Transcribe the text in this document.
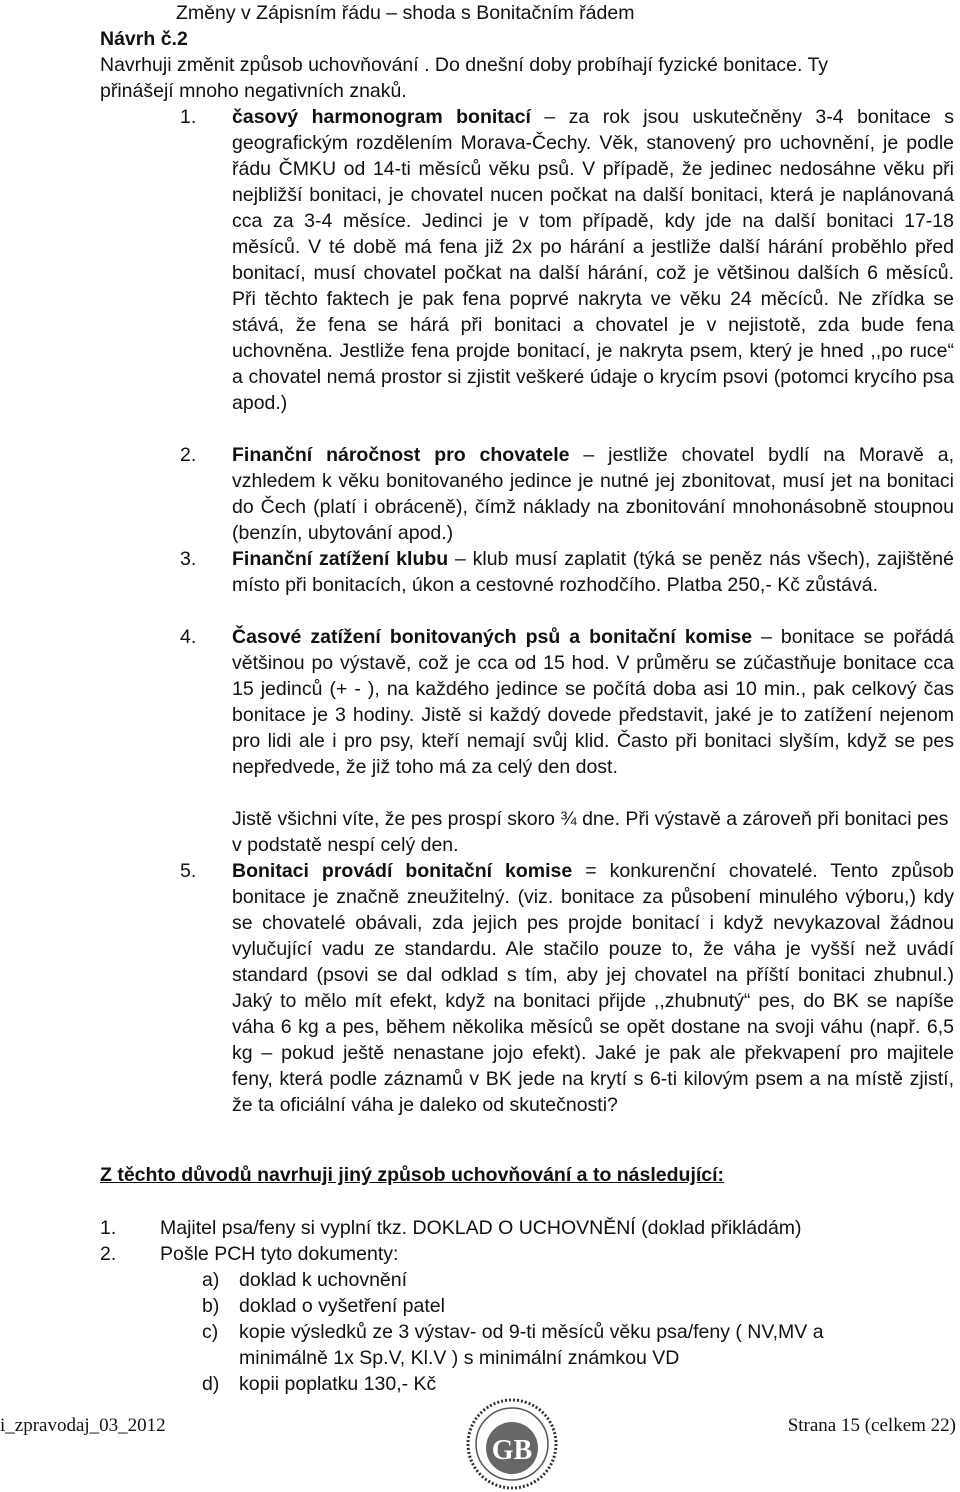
Změny v Zápisním řádu – shoda s Bonitačním řádem
Návrh č.2
Navrhuji změnit způsob uchovňování . Do dnešní doby probíhají fyzické bonitace. Ty
přinášejí mnoho negativních znaků.
1. časový harmonogram bonitací – za rok jsou uskutečněny 3-4 bonitace s geografickým rozdělením Morava-Čechy. Věk, stanovený pro uchovnění, je podle řádu ČMKU od 14-ti měsíců věku psů. V případě, že jedinec nedosáhne věku při nejbližší bonitaci, je chovatel nucen počkat na další bonitaci, která je naplánovaná cca za 3-4 měsíce. Jedinci je v tom případě, kdy jde na další bonitaci 17-18 měsíců. V té době má fena již 2x po hárání a jestliže další hárání proběhlo před bonitací, musí chovatel počkat na další hárání, což je většinou dalších 6 měsíců. Při těchto faktech je pak fena poprvé nakryta ve věku 24 měcíců. Ne zřídka se stává, že fena se hárá při bonitaci a chovatel je v nejistotě, zda bude fena uchovněna. Jestliže fena projde bonitací, je nakryta psem, který je hned ,,po ruce“ a chovatel nemá prostor si zjistit veškeré údaje o krycím psovi (potomci krycího psa apod.)

2. Finanční náročnost pro chovatele – jestliže chovatel bydlí na Moravě a, vzhledem k věku bonitovaného jedince je nutné jej zbonitovat, musí jet na bonitaci do Čech (platí i obráceně), čímž náklady na zbonitování mnohonásobně stoupnou (benzín, ubytování apod.)

3. Finanční zatížení klubu – klub musí zaplatit (týká se peněz nás všech), zajištěné místo při bonitacích, úkon a cestovné rozhodčího. Platba 250,- Kč zůstává.

4. Časové zatížení bonitovaných psů a bonitační komise – bonitace se pořádá většinou po výstavě, což je cca od 15 hod. V průměru se zúčastňuje bonitace cca 15 jedinců (+ - ), na každého jedince se počítá doba asi 10 min., pak celkový čas bonitace je 3 hodiny. Jistě si každý dovede představit, jaké je to zatížení nejenom pro lidi ale i pro psy, kteří nemají svůj klid. Často při bonitaci slyším, když se pes nepředvede, že již toho má za celý den dost.

Jistě všichni víte, že pes prospí skoro ¾ dne. Při výstavě a zároveň při bonitaci pes v podstatě nespí celý den.

5. Bonitaci provádí bonitační komise = konkurenční chovatelé. Tento způsob bonitace je značně zneužitelný. (viz. bonitace za působení minulého výboru,) kdy se chovatelé obávali, zda jejich pes projde bonitací i když nevykazoval žádnou vylučující vadu ze standardu. Ale stačilo pouze to, že váha je vyšší než uvádí standard (psovi se dal odklad s tím, aby jej chovatel na příští bonitaci zhubnul.) Jaký to mělo mít efekt, když na bonitaci přijde ,,zhubnutý“ pes, do BK se napíše váha 6 kg a pes, během několika měsíců se opět dostane na svoji váhu (např. 6,5 kg – pokud ještě nenastane jojo efekt). Jaké je pak ale překvapení pro majitele feny, která podle záznamů v BK jede na krytí s 6-ti kilovým psem a na místě zjistí, že ta oficiální váha je daleko od skutečnosti?

Z těchto důvodů navrhuji jiný způsob uchovňování a to následující:
1. Majitel psa/feny si vyplní tkz. DOKLAD O UCHOVNĚNÍ (doklad přikládám)
2. Pošle PCH tyto dokumenty:
a) doklad k uchovnění
b) doklad o vyšetření patel
c) kopie výsledků ze 3 výstav- od 9-ti měsíců věku psa/feny ( NV,MV a
minimálně 1x Sp.V, Kl.V ) s minimální známkou VD
d) kopii poplatku 130,- Kč
i_zpravodaj_03_2012	Strana 15 (celkem 22)
GB
